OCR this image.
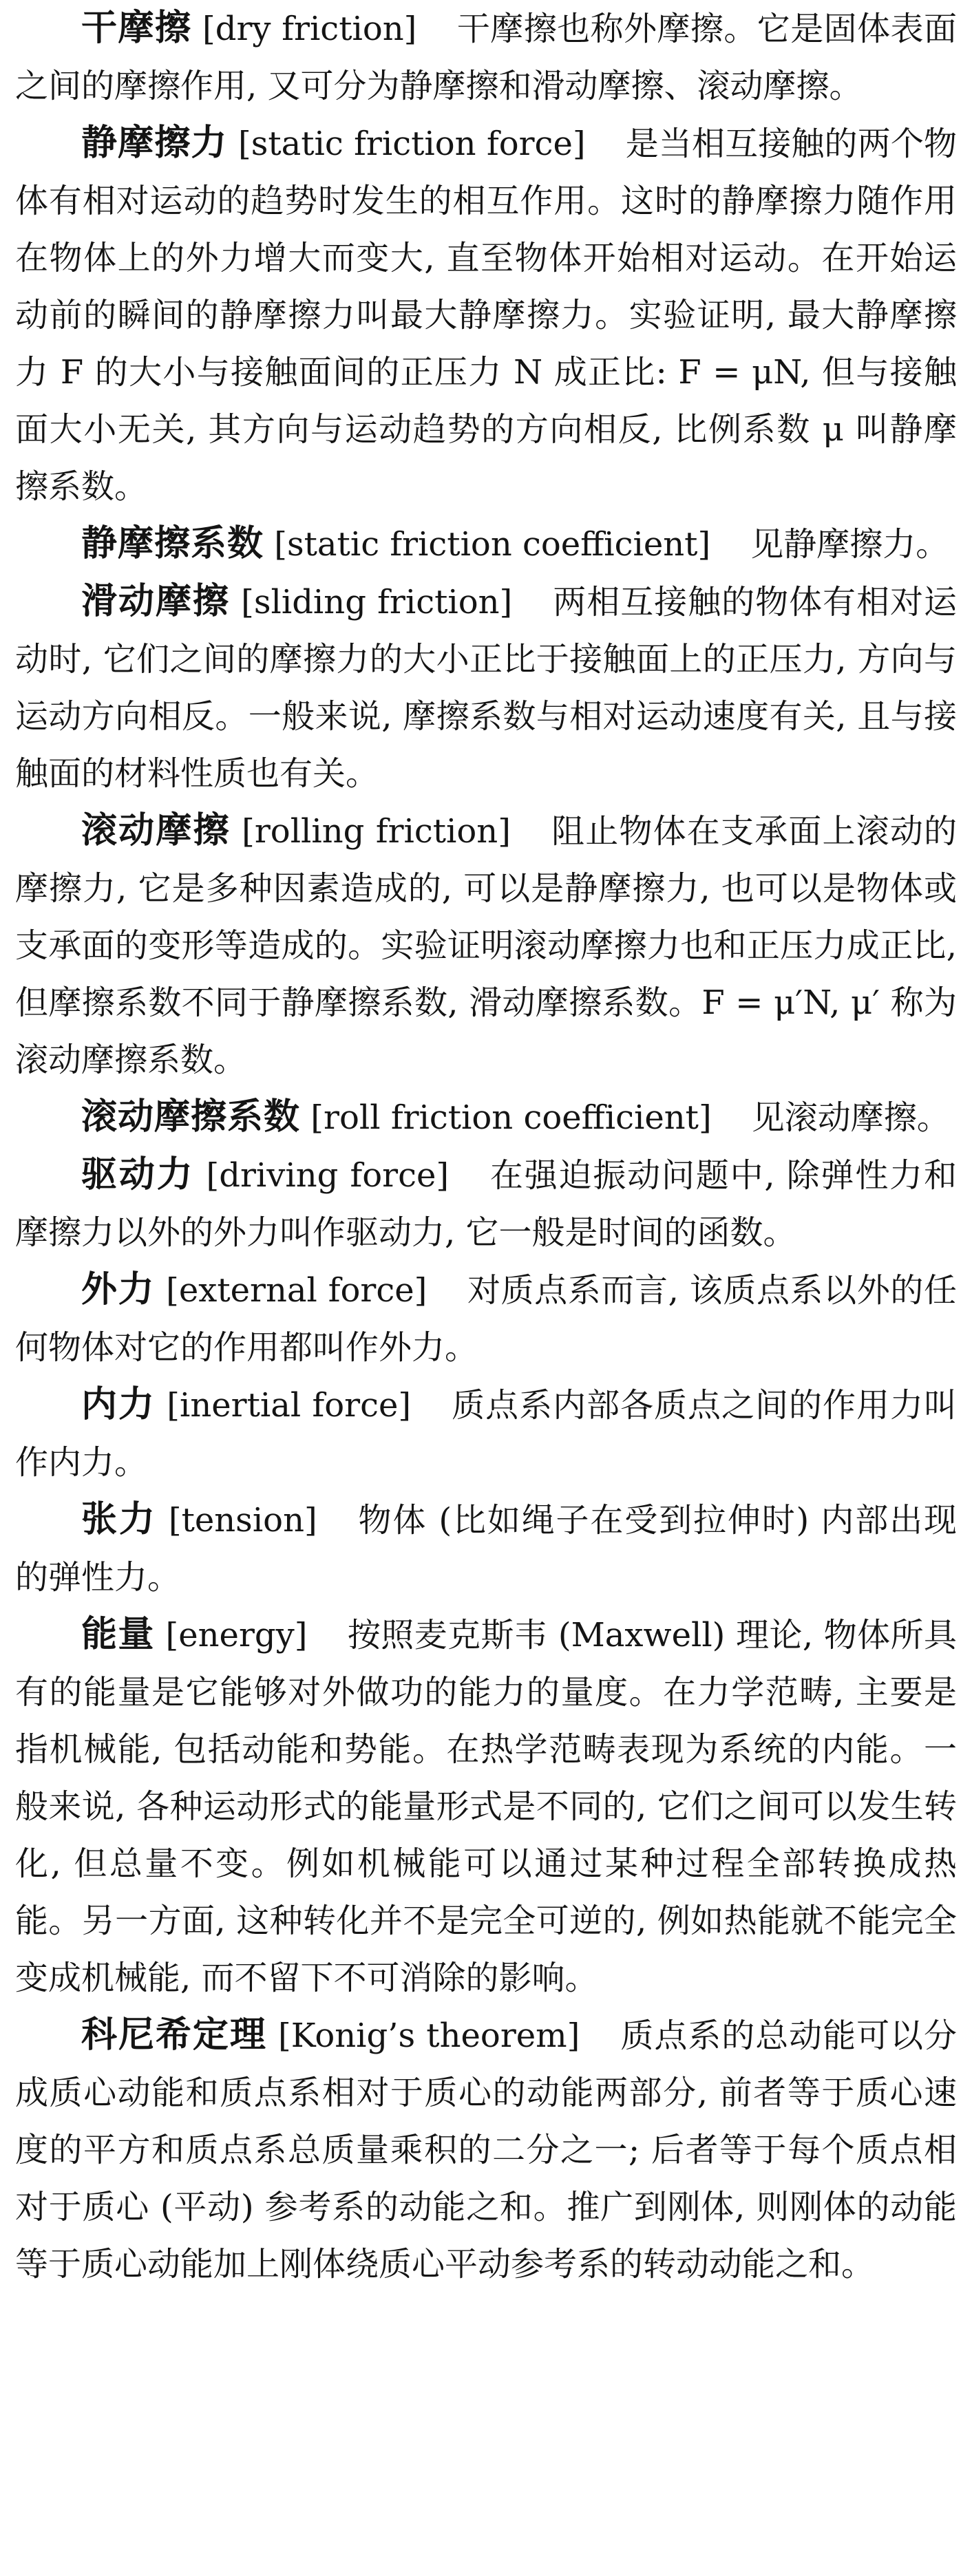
干摩擦 [dry friction] 干摩擦也称外摩擦。它是固体表面之间的摩擦作用, 又可分为静摩擦和滑动摩擦、滚动摩擦。

静摩擦力 [static friction force] 是当相互接触的两个物体有相对运动的趋势时发生的相互作用。这时的静摩擦力随作用在物体上的外力增大而变大, 直至物体开始相对运动。在开始运动前的瞬间的静摩擦力叫最大静摩擦力。实验证明, 最大静摩擦力 F 的大小与接触面间的正压力 N 成正比: F = μN, 但与接触面大小无关, 其方向与运动趋势的方向相反, 比例系数 μ 叫静摩擦系数。

静摩擦系数 [static friction coefficient] 见静摩擦力。

滑动摩擦 [sliding friction] 两相互接触的物体有相对运动时, 它们之间的摩擦力的大小正比于接触面上的正压力, 方向与运动方向相反。一般来说, 摩擦系数与相对运动速度有关, 且与接触面的材料性质也有关。

滚动摩擦 [rolling friction] 阻止物体在支承面上滚动的摩擦力, 它是多种因素造成的, 可以是静摩擦力, 也可以是物体或支承面的变形等造成的。实验证明滚动摩擦力也和正压力成正比, 但摩擦系数不同于静摩擦系数, 滑动摩擦系数。F = μ′N, μ′ 称为滚动摩擦系数。

滚动摩擦系数 [roll friction coefficient] 见滚动摩擦。

驱动力 [driving force] 在强迫振动问题中, 除弹性力和摩擦力以外的外力叫作驱动力, 它一般是时间的函数。

外力 [external force] 对质点系而言, 该质点系以外的任何物体对它的作用都叫作外力。

内力 [inertial force] 质点系内部各质点之间的作用力叫作内力。

张力 [tension] 物体 (比如绳子在受到拉伸时) 内部出现的弹性力。

能量 [energy] 按照麦克斯韦 (Maxwell) 理论, 物体所具有的能量是它能够对外做功的能力的量度。在力学范畴, 主要是指机械能, 包括动能和势能。在热学范畴表现为系统的内能。一般来说, 各种运动形式的能量形式是不同的, 它们之间可以发生转化, 但总量不变。例如机械能可以通过某种过程全部转换成热能。另一方面, 这种转化并不是完全可逆的, 例如热能就不能完全变成机械能, 而不留下不可消除的影响。

科尼希定理 [Konig’s theorem] 质点系的总动能可以分成质心动能和质点系相对于质心的动能两部分, 前者等于质心速度的平方和质点系总质量乘积的二分之一; 后者等于每个质点相对于质心 (平动) 参考系的动能之和。推广到刚体, 则刚体的动能等于质心动能加上刚体绕质心平动参考系的转动动能之和。
